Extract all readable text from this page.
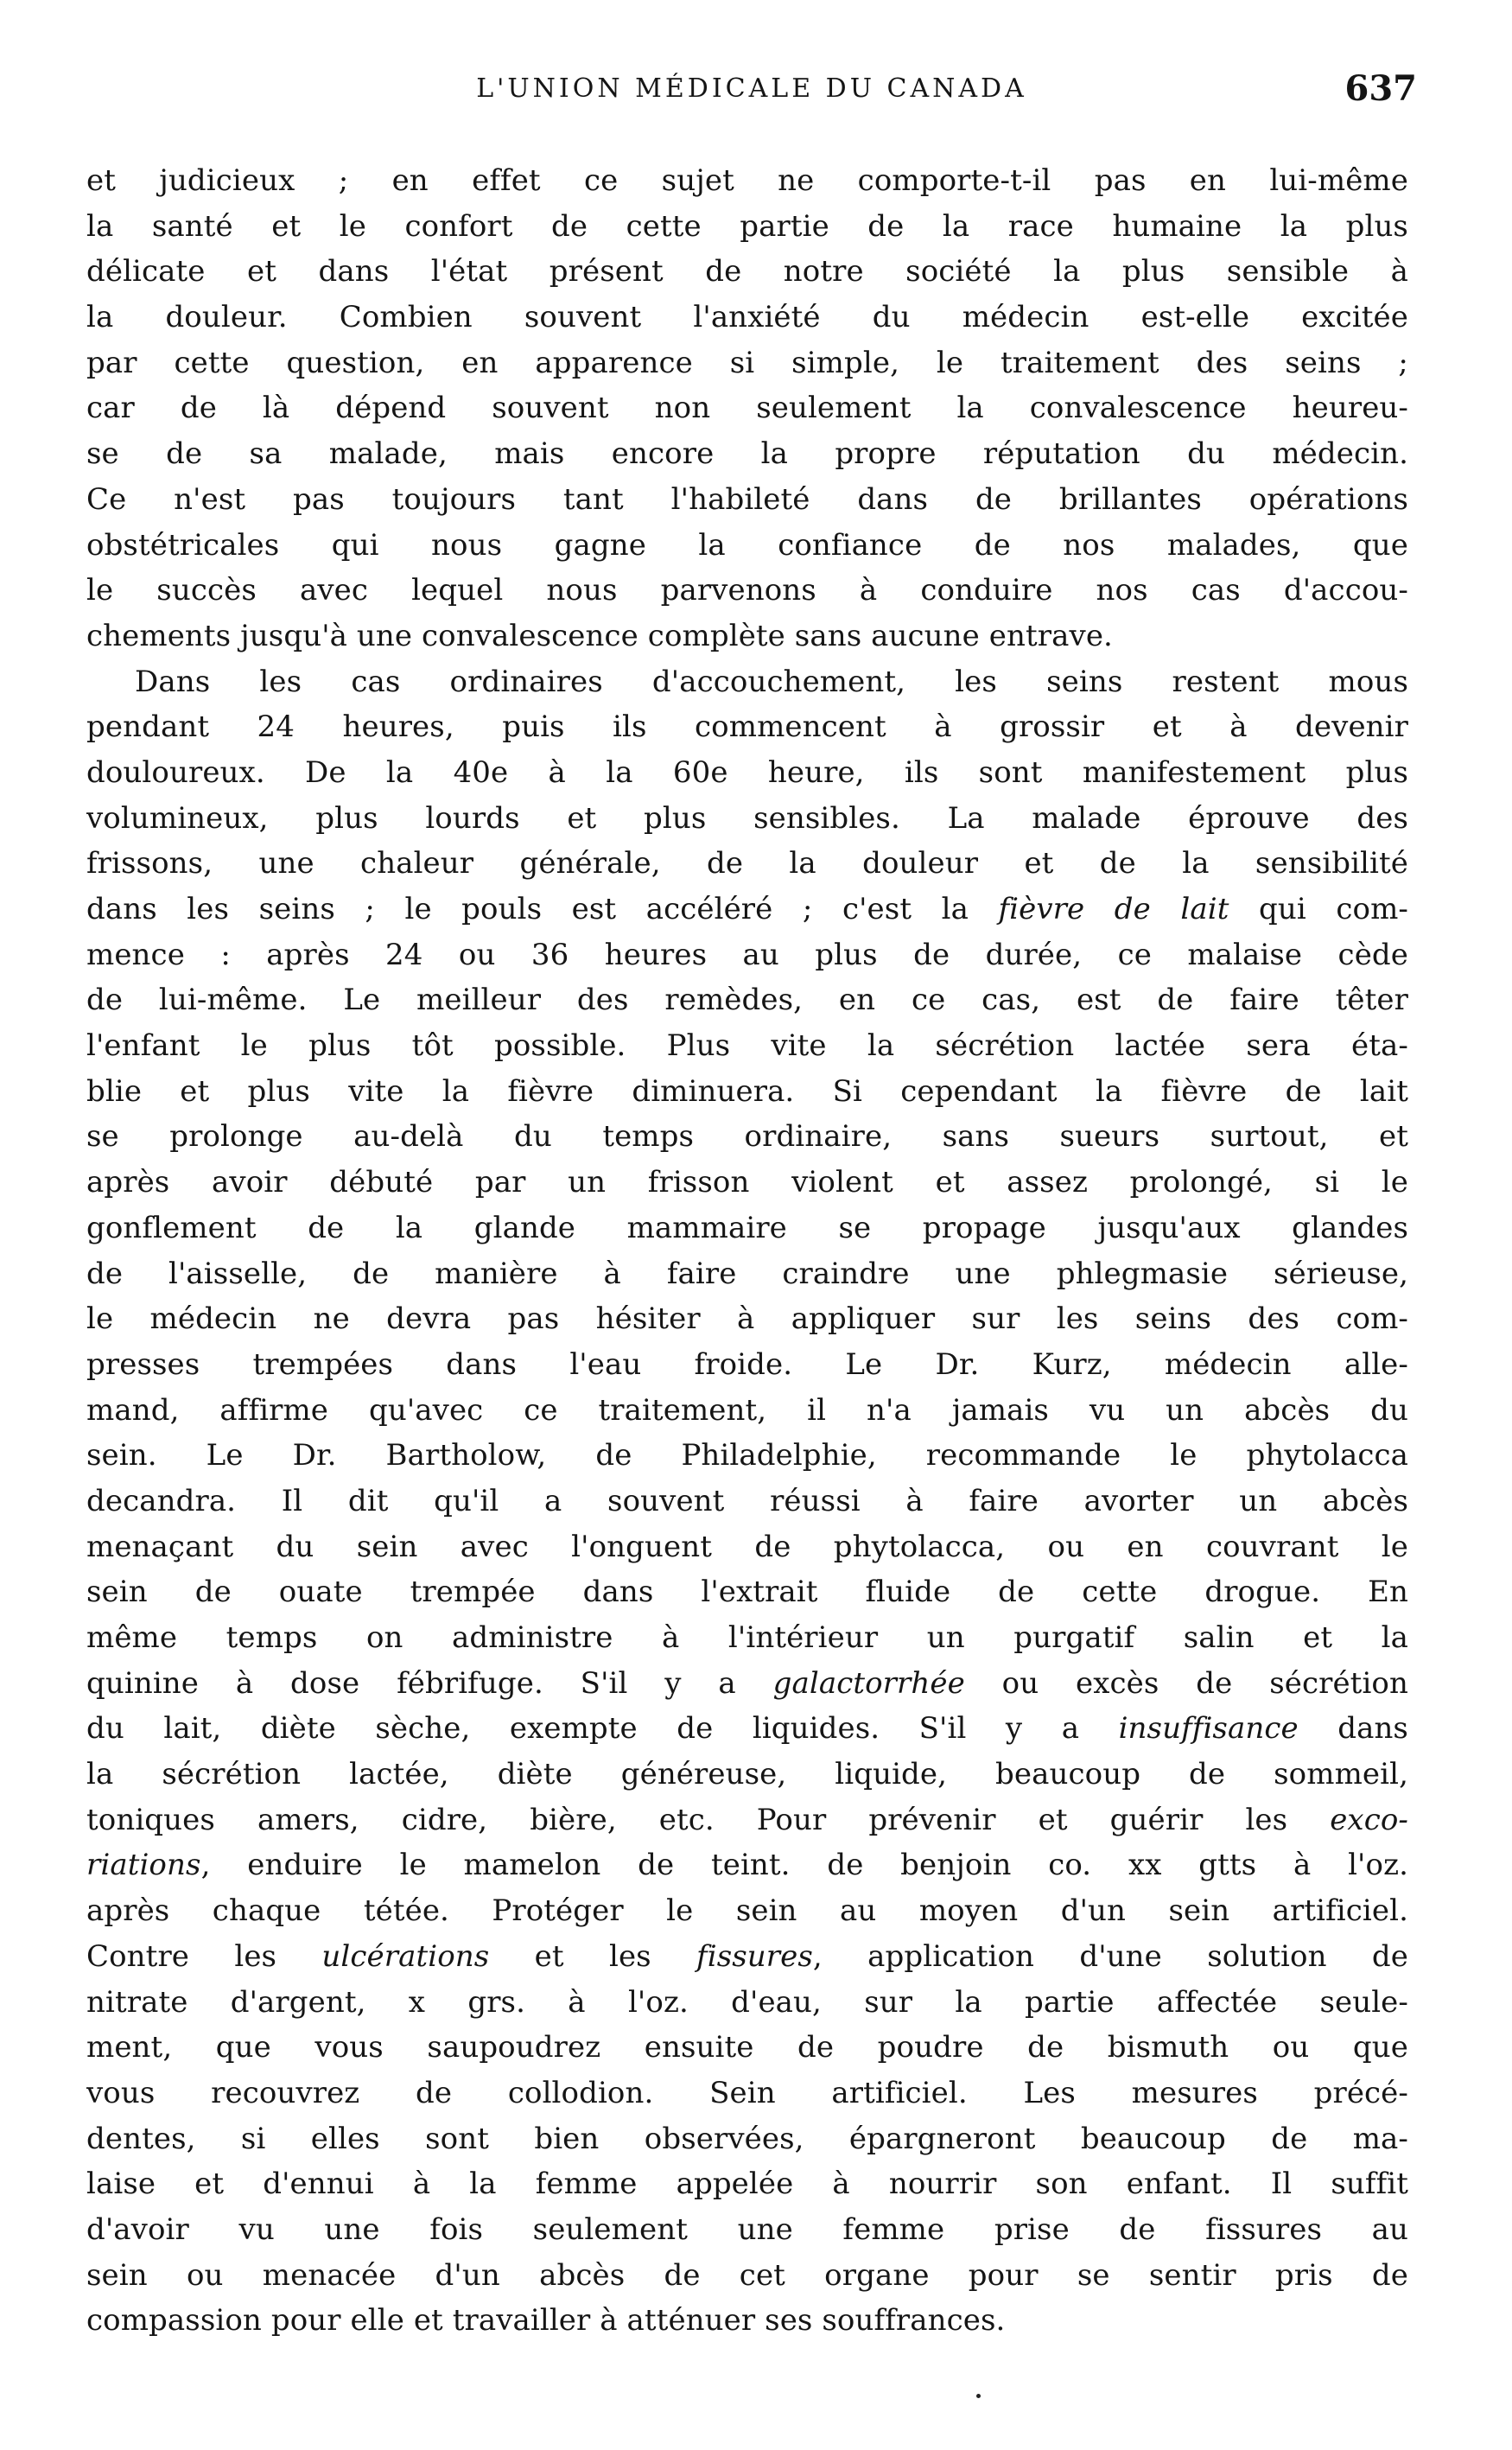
L'UNION MÉDICALE DU CANADA	637
et judicieux ; en effet ce sujet ne comporte-t-il pas en lui-même
la santé et le confort de cette partie de la race humaine la plus
délicate et dans l'état présent de notre société la plus sensible à
la douleur. Combien souvent l'anxiété du médecin est-elle excitée
par cette question, en apparence si simple, le traitement des seins ;
car de là dépend souvent non seulement la convalescence heureu-
se de sa malade, mais encore la propre réputation du médecin.
Ce n'est pas toujours tant l'habileté dans de brillantes opérations
obstétricales qui nous gagne la confiance de nos malades, que
le succès avec lequel nous parvenons à conduire nos cas d'accou-
chements jusqu'à une convalescence complète sans aucune entrave.
Dans les cas ordinaires d'accouchement, les seins restent mous
pendant 24 heures, puis ils commencent à grossir et à devenir
douloureux. De la 40e à la 60e heure, ils sont manifestement plus
volumineux, plus lourds et plus sensibles. La malade éprouve des
frissons, une chaleur générale, de la douleur et de la sensibilité
dans les seins ; le pouls est accéléré ; c'est la fièvre de lait qui com-
mence : après 24 ou 36 heures au plus de durée, ce malaise cède
de lui-même. Le meilleur des remèdes, en ce cas, est de faire têter
l'enfant le plus tôt possible. Plus vite la sécrétion lactée sera éta-
blie et plus vite la fièvre diminuera. Si cependant la fièvre de lait
se prolonge au-delà du temps ordinaire, sans sueurs surtout, et
après avoir débuté par un frisson violent et assez prolongé, si le
gonflement de la glande mammaire se propage jusqu'aux glandes
de l'aisselle, de manière à faire craindre une phlegmasie sérieuse,
le médecin ne devra pas hésiter à appliquer sur les seins des com-
presses trempées dans l'eau froide. Le Dr. Kurz, médecin alle-
mand, affirme qu'avec ce traitement, il n'a jamais vu un abcès du
sein. Le Dr. Bartholow, de Philadelphie, recommande le phytolacca
decandra. Il dit qu'il a souvent réussi à faire avorter un abcès
menaçant du sein avec l'onguent de phytolacca, ou en couvrant le
sein de ouate trempée dans l'extrait fluide de cette drogue. En
même temps on administre à l'intérieur un purgatif salin et la
quinine à dose fébrifuge. S'il y a galactorrhée ou excès de sécrétion
du lait, diète sèche, exempte de liquides. S'il y a insuffisance dans
la sécrétion lactée, diète généreuse, liquide, beaucoup de sommeil,
toniques amers, cidre, bière, etc. Pour prévenir et guérir les exco-
riations, enduire le mamelon de teint. de benjoin co. xx gtts à l'oz.
après chaque tétée. Protéger le sein au moyen d'un sein artificiel.
Contre les ulcérations et les fissures, application d'une solution de
nitrate d'argent, x grs. à l'oz. d'eau, sur la partie affectée seule-
ment, que vous saupoudrez ensuite de poudre de bismuth ou que
vous recouvrez de collodion. Sein artificiel. Les mesures précé-
dentes, si elles sont bien observées, épargneront beaucoup de ma-
laise et d'ennui à la femme appelée à nourrir son enfant. Il suffit
d'avoir vu une fois seulement une femme prise de fissures au
sein ou menacée d'un abcès de cet organe pour se sentir pris de
compassion pour elle et travailler à atténuer ses souffrances.
